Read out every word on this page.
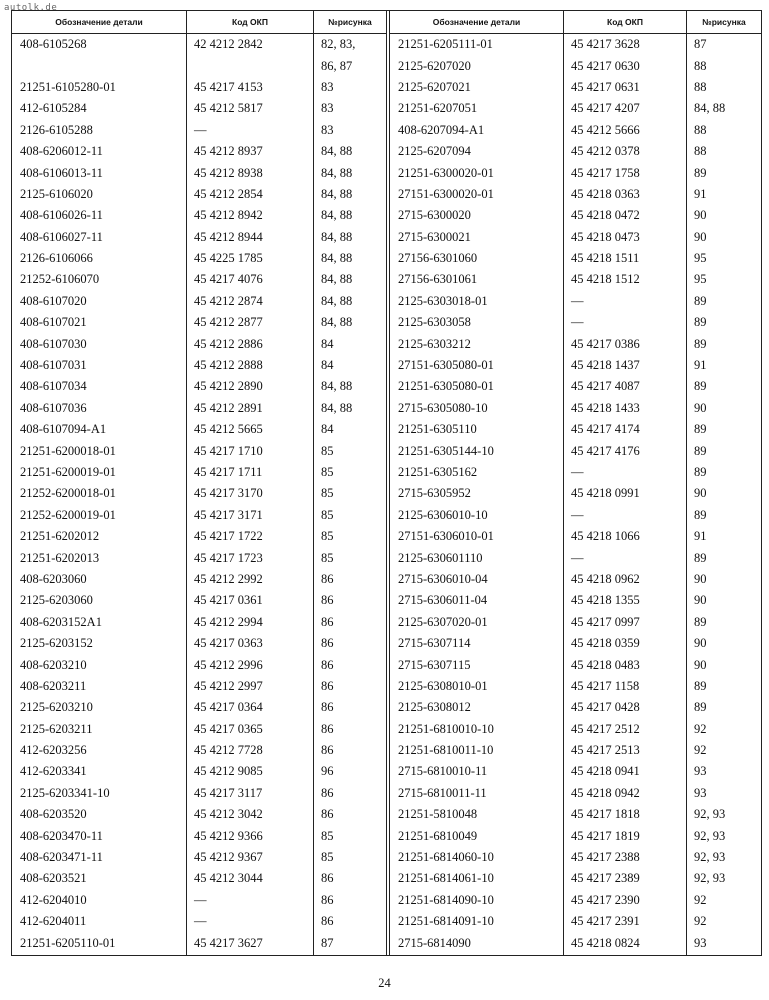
autolk.de
Обозначение детали	Код ОКП	№рисунка
408-6105268	42 4212 2842	82, 83,
86, 87
21251-6105280-01	45 4217 4153	83
412-6105284	45 4212 5817	83
2126-6105288	—	83
408-6206012-11	45 4212 8937	84, 88
408-6106013-11	45 4212 8938	84, 88
2125-6106020	45 4212 2854	84, 88
408-6106026-11	45 4212 8942	84, 88
408-6106027-11	45 4212 8944	84, 88
2126-6106066	45 4225 1785	84, 88
21252-6106070	45 4217 4076	84, 88
408-6107020	45 4212 2874	84, 88
408-6107021	45 4212 2877	84, 88
408-6107030	45 4212 2886	84
408-6107031	45 4212 2888	84
408-6107034	45 4212 2890	84, 88
408-6107036	45 4212 2891	84, 88
408-6107094-A1	45 4212 5665	84
21251-6200018-01	45 4217 1710	85
21251-6200019-01	45 4217 1711	85
21252-6200018-01	45 4217 3170	85
21252-6200019-01	45 4217 3171	85
21251-6202012	45 4217 1722	85
21251-6202013	45 4217 1723	85
408-6203060	45 4212 2992	86
2125-6203060	45 4217 0361	86
408-6203152A1	45 4212 2994	86
2125-6203152	45 4217 0363	86
408-6203210	45 4212 2996	86
408-6203211	45 4212 2997	86
2125-6203210	45 4217 0364	86
2125-6203211	45 4217 0365	86
412-6203256	45 4212 7728	86
412-6203341	45 4212 9085	96
2125-6203341-10	45 4217 3117	86
408-6203520	45 4212 3042	86
408-6203470-11	45 4212 9366	85
408-6203471-11	45 4212 9367	85
408-6203521	45 4212 3044	86
412-6204010	—	86
412-6204011	—	86
21251-6205110-01	45 4217 3627	87
Обозначение детали	Код ОКП	№рисунка
21251-6205111-01	45 4217 3628	87
2125-6207020	45 4217 0630	88
2125-6207021	45 4217 0631	88
21251-6207051	45 4217 4207	84, 88
408-6207094-A1	45 4212 5666	88
2125-6207094	45 4212 0378	88
21251-6300020-01	45 4217 1758	89
27151-6300020-01	45 4218 0363	91
2715-6300020	45 4218 0472	90
2715-6300021	45 4218 0473	90
27156-6301060	45 4218 1511	95
27156-6301061	45 4218 1512	95
2125-6303018-01	—	89
2125-6303058	—	89
2125-6303212	45 4217 0386	89
27151-6305080-01	45 4218 1437	91
21251-6305080-01	45 4217 4087	89
2715-6305080-10	45 4218 1433	90
21251-6305110	45 4217 4174	89
21251-6305144-10	45 4217 4176	89
21251-6305162	—	89
2715-6305952	45 4218 0991	90
2125-6306010-10	—	89
27151-6306010-01	45 4218 1066	91
2125-630601110	—	89
2715-6306010-04	45 4218 0962	90
2715-6306011-04	45 4218 1355	90
2125-6307020-01	45 4217 0997	89
2715-6307114	45 4218 0359	90
2715-6307115	45 4218 0483	90
2125-6308010-01	45 4217 1158	89
2125-6308012	45 4217 0428	89
21251-6810010-10	45 4217 2512	92
21251-6810011-10	45 4217 2513	92
2715-6810010-11	45 4218 0941	93
2715-6810011-11	45 4218 0942	93
21251-5810048	45 4217 1818	92, 93
21251-6810049	45 4217 1819	92, 93
21251-6814060-10	45 4217 2388	92, 93
21251-6814061-10	45 4217 2389	92, 93
21251-6814090-10	45 4217 2390	92
21251-6814091-10	45 4217 2391	92
2715-6814090	45 4218 0824	93
24
